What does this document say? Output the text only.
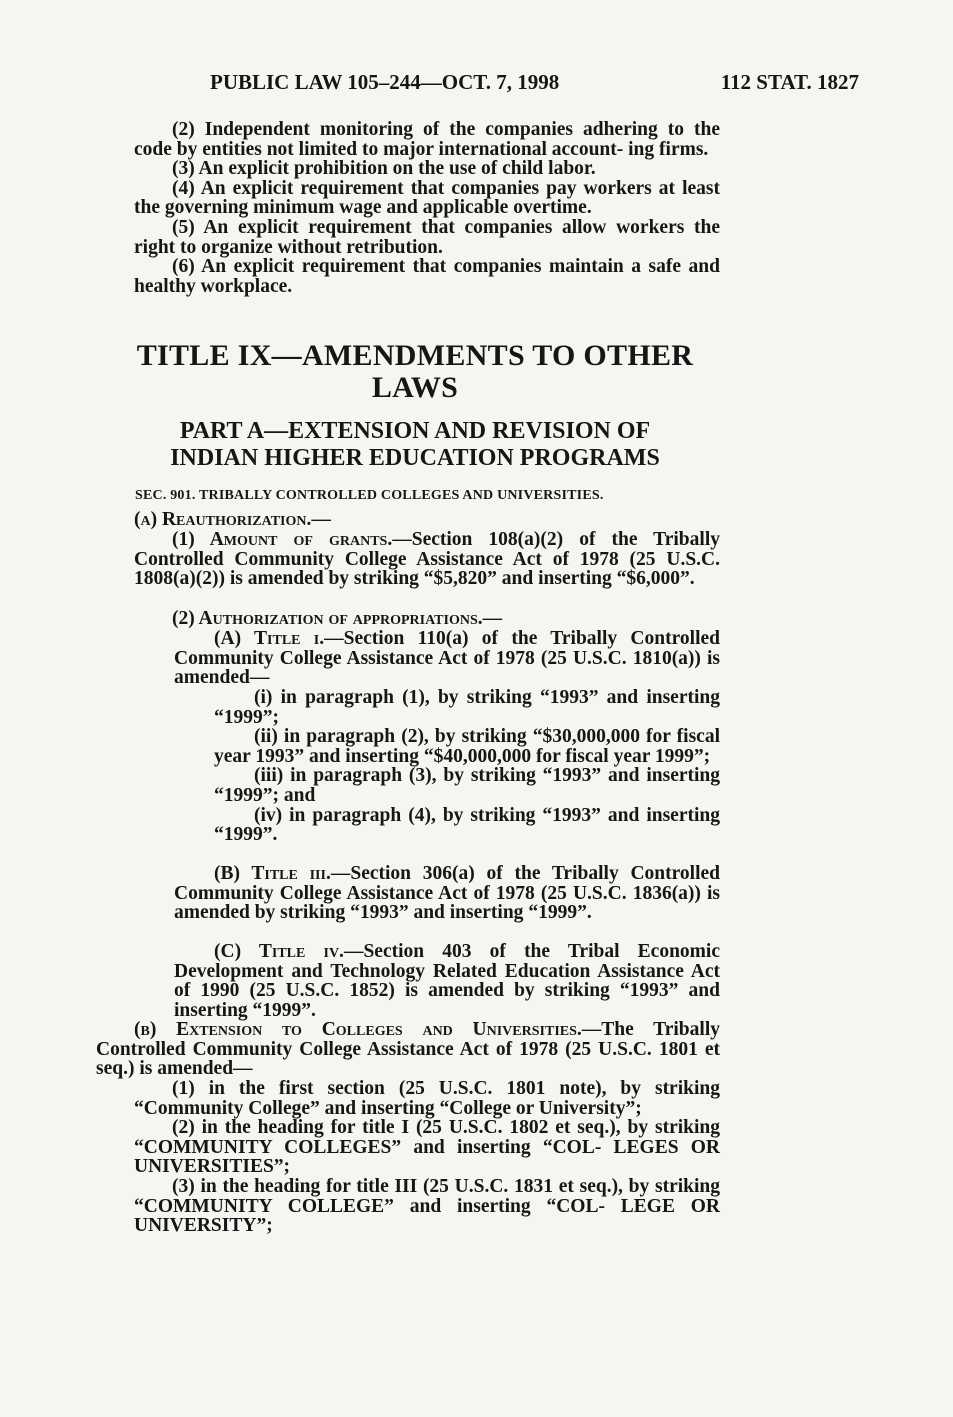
PUBLIC LAW 105–244—OCT. 7, 1998	112 STAT. 1827

(2) Independent monitoring of the companies adhering to the code by entities not limited to major international account- ing firms.

(3) An explicit prohibition on the use of child labor.

(4) An explicit requirement that companies pay workers at least the governing minimum wage and applicable overtime.

(5) An explicit requirement that companies allow workers the right to organize without retribution.

(6) An explicit requirement that companies maintain a safe and healthy workplace.

TITLE IX—AMENDMENTS TO OTHER

LAWS

PART A—EXTENSION AND REVISION OF

INDIAN HIGHER EDUCATION PROGRAMS

SEC. 901. TRIBALLY CONTROLLED COLLEGES AND UNIVERSITIES.

(a) Reauthorization.—

(1) Amount of grants.—Section 108(a)(2) of the Tribally Controlled Community College Assistance Act of 1978 (25 U.S.C. 1808(a)(2)) is amended by striking “$5,820” and inserting “$6,000”.

(2) Authorization of appropriations.—

(A) Title i.—Section 110(a) of the Tribally Controlled Community College Assistance Act of 1978 (25 U.S.C. 1810(a)) is amended—

(i) in paragraph (1), by striking “1993” and inserting “1999”;

(ii) in paragraph (2), by striking “$30,000,000 for fiscal year 1993” and inserting “$40,000,000 for fiscal year 1999”;

(iii) in paragraph (3), by striking “1993” and inserting “1999”; and

(iv) in paragraph (4), by striking “1993” and inserting “1999”.

(B) Title iii.—Section 306(a) of the Tribally Controlled Community College Assistance Act of 1978 (25 U.S.C. 1836(a)) is amended by striking “1993” and inserting “1999”.

(C) Title iv.—Section 403 of the Tribal Economic Development and Technology Related Education Assistance Act of 1990 (25 U.S.C. 1852) is amended by striking “1993” and inserting “1999”.

(b) Extension to Colleges and Universities.—The Tribally Controlled Community College Assistance Act of 1978 (25 U.S.C. 1801 et seq.) is amended—

(1) in the first section (25 U.S.C. 1801 note), by striking “Community College” and inserting “College or University”;

(2) in the heading for title I (25 U.S.C. 1802 et seq.), by striking “COMMUNITY COLLEGES” and inserting “COL- LEGES OR UNIVERSITIES”;

(3) in the heading for title III (25 U.S.C. 1831 et seq.), by striking “COMMUNITY COLLEGE” and inserting “COL- LEGE OR UNIVERSITY”;
